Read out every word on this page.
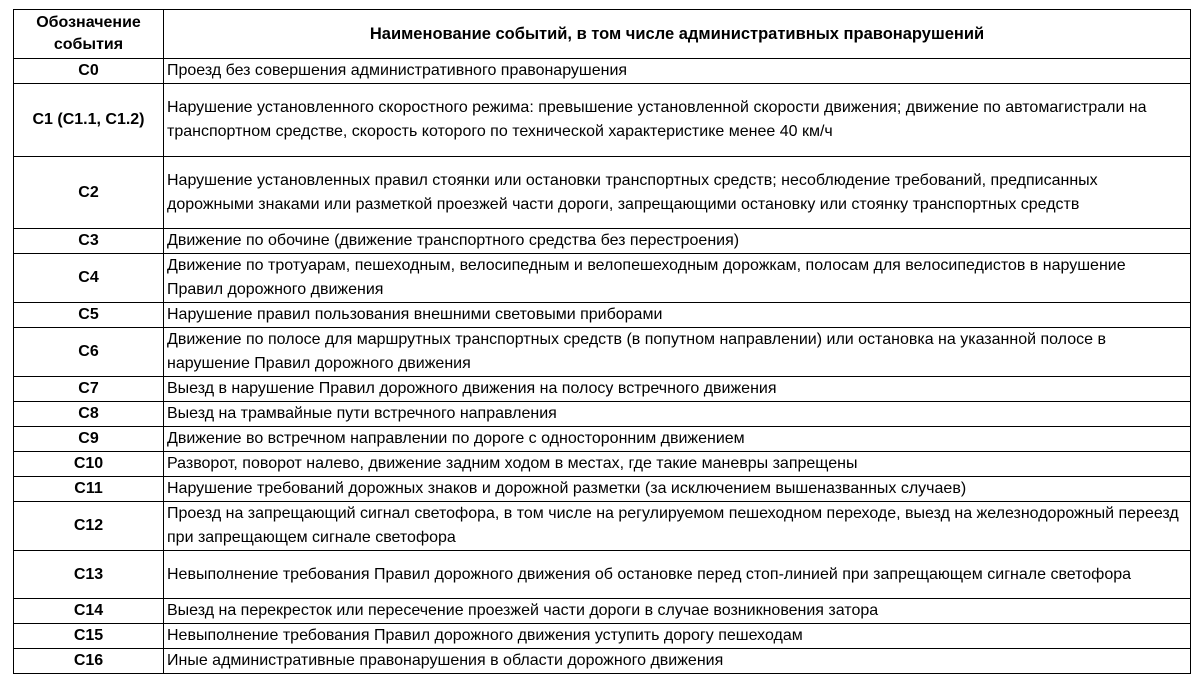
Обозначение события	Наименование событий, в том числе административных правонарушений
С0	Проезд без совершения административного правонарушения
С1 (С1.1, С1.2)	Нарушение установленного скоростного режима: превышение установленной скорости движения; движение по автомагистрали на транспортном средстве, скорость которого по технической характеристике менее 40 км/ч
С2	Нарушение установленных правил стоянки или остановки транспортных средств; несоблюдение требований, предписанных дорожными знаками или разметкой проезжей части дороги, запрещающими остановку или стоянку транспортных средств
С3	Движение по обочине (движение транспортного средства без перестроения)
С4	Движение по тротуарам, пешеходным, велосипедным и велопешеходным дорожкам, полосам для велосипедистов в нарушение Правил дорожного движения
С5	Нарушение правил пользования внешними световыми приборами
С6	Движение по полосе для маршрутных транспортных средств (в попутном направлении) или остановка на указанной полосе в нарушение Правил дорожного движения
С7	Выезд в нарушение Правил дорожного движения на полосу встречного движения
С8	Выезд на трамвайные пути встречного направления
С9	Движение во встречном направлении по дороге с односторонним движением
С10	Разворот, поворот налево, движение задним ходом в местах, где такие маневры запрещены
С11	Нарушение требований дорожных знаков и дорожной разметки (за исключением вышеназванных случаев)
С12	Проезд на запрещающий сигнал светофора, в том числе на регулируемом пешеходном переходе, выезд на железнодорожный переезд при запрещающем сигнале светофора
С13	Невыполнение требования Правил дорожного движения об остановке перед стоп-линией при запрещающем сигнале светофора
С14	Выезд на перекресток или пересечение проезжей части дороги в случае возникновения затора
С15	Невыполнение требования Правил дорожного движения уступить дорогу пешеходам
С16	Иные административные правонарушения в области дорожного движения
